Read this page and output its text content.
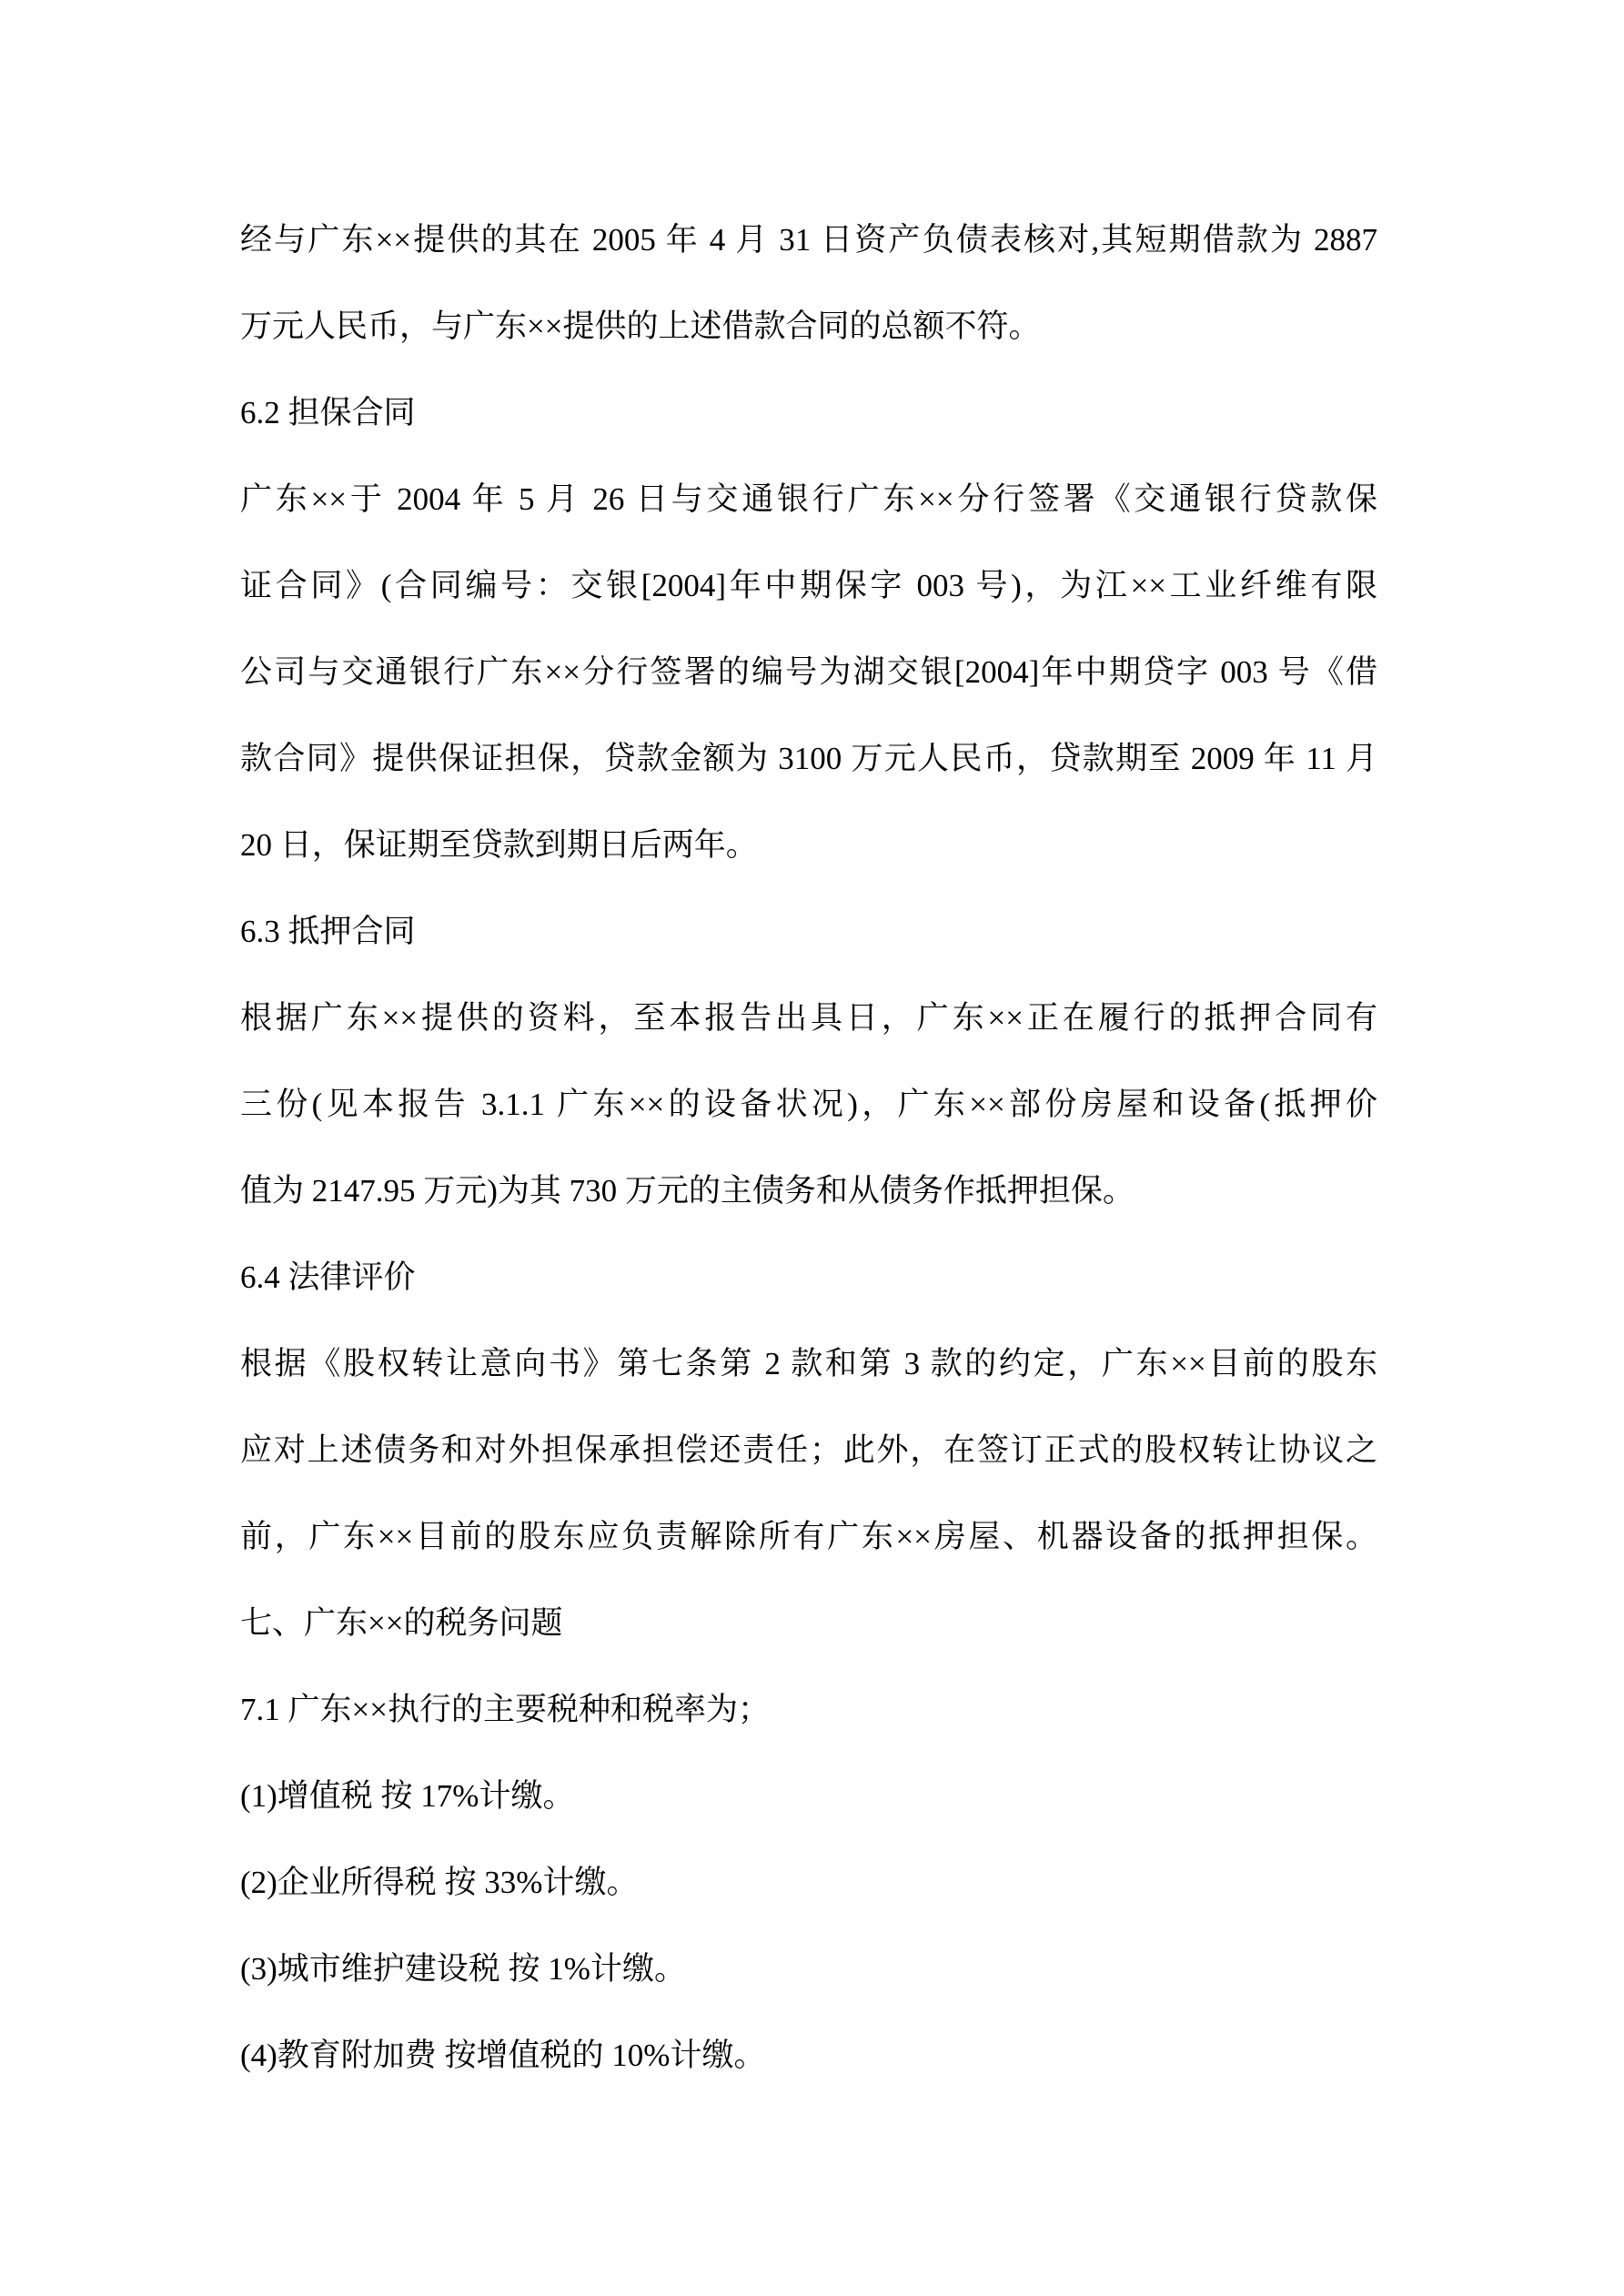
经与广东××提供的其在 2005 年 4 月 31 日资产负债表核对,其短期借款为 2887
万元人民币，与广东××提供的上述借款合同的总额不符。
6.2 担保合同
广东××于 2004 年 5 月 26 日与交通银行广东××分行签署《交通银行贷款保
证合同》(合同编号：交银[2004]年中期保字 003 号)，为江××工业纤维有限
公司与交通银行广东××分行签署的编号为湖交银[2004]年中期贷字 003 号《借
款合同》提供保证担保，贷款金额为 3100 万元人民币，贷款期至 2009 年 11 月
20 日，保证期至贷款到期日后两年。
6.3 抵押合同
根据广东××提供的资料，至本报告出具日，广东××正在履行的抵押合同有
三份(见本报告 3.1.1 广东××的设备状况)，广东××部份房屋和设备(抵押价
值为 2147.95 万元)为其 730 万元的主债务和从债务作抵押担保。
6.4 法律评价
根据《股权转让意向书》第七条第 2 款和第 3 款的约定，广东××目前的股东
应对上述债务和对外担保承担偿还责任；此外，在签订正式的股权转让协议之
前，广东××目前的股东应负责解除所有广东××房屋、机器设备的抵押担保。
七、广东××的税务问题
7.1 广东××执行的主要税种和税率为；
(1)增值税 按 17%计缴。
(2)企业所得税 按 33%计缴。
(3)城市维护建设税 按 1%计缴。
(4)教育附加费 按增值税的 10%计缴。
